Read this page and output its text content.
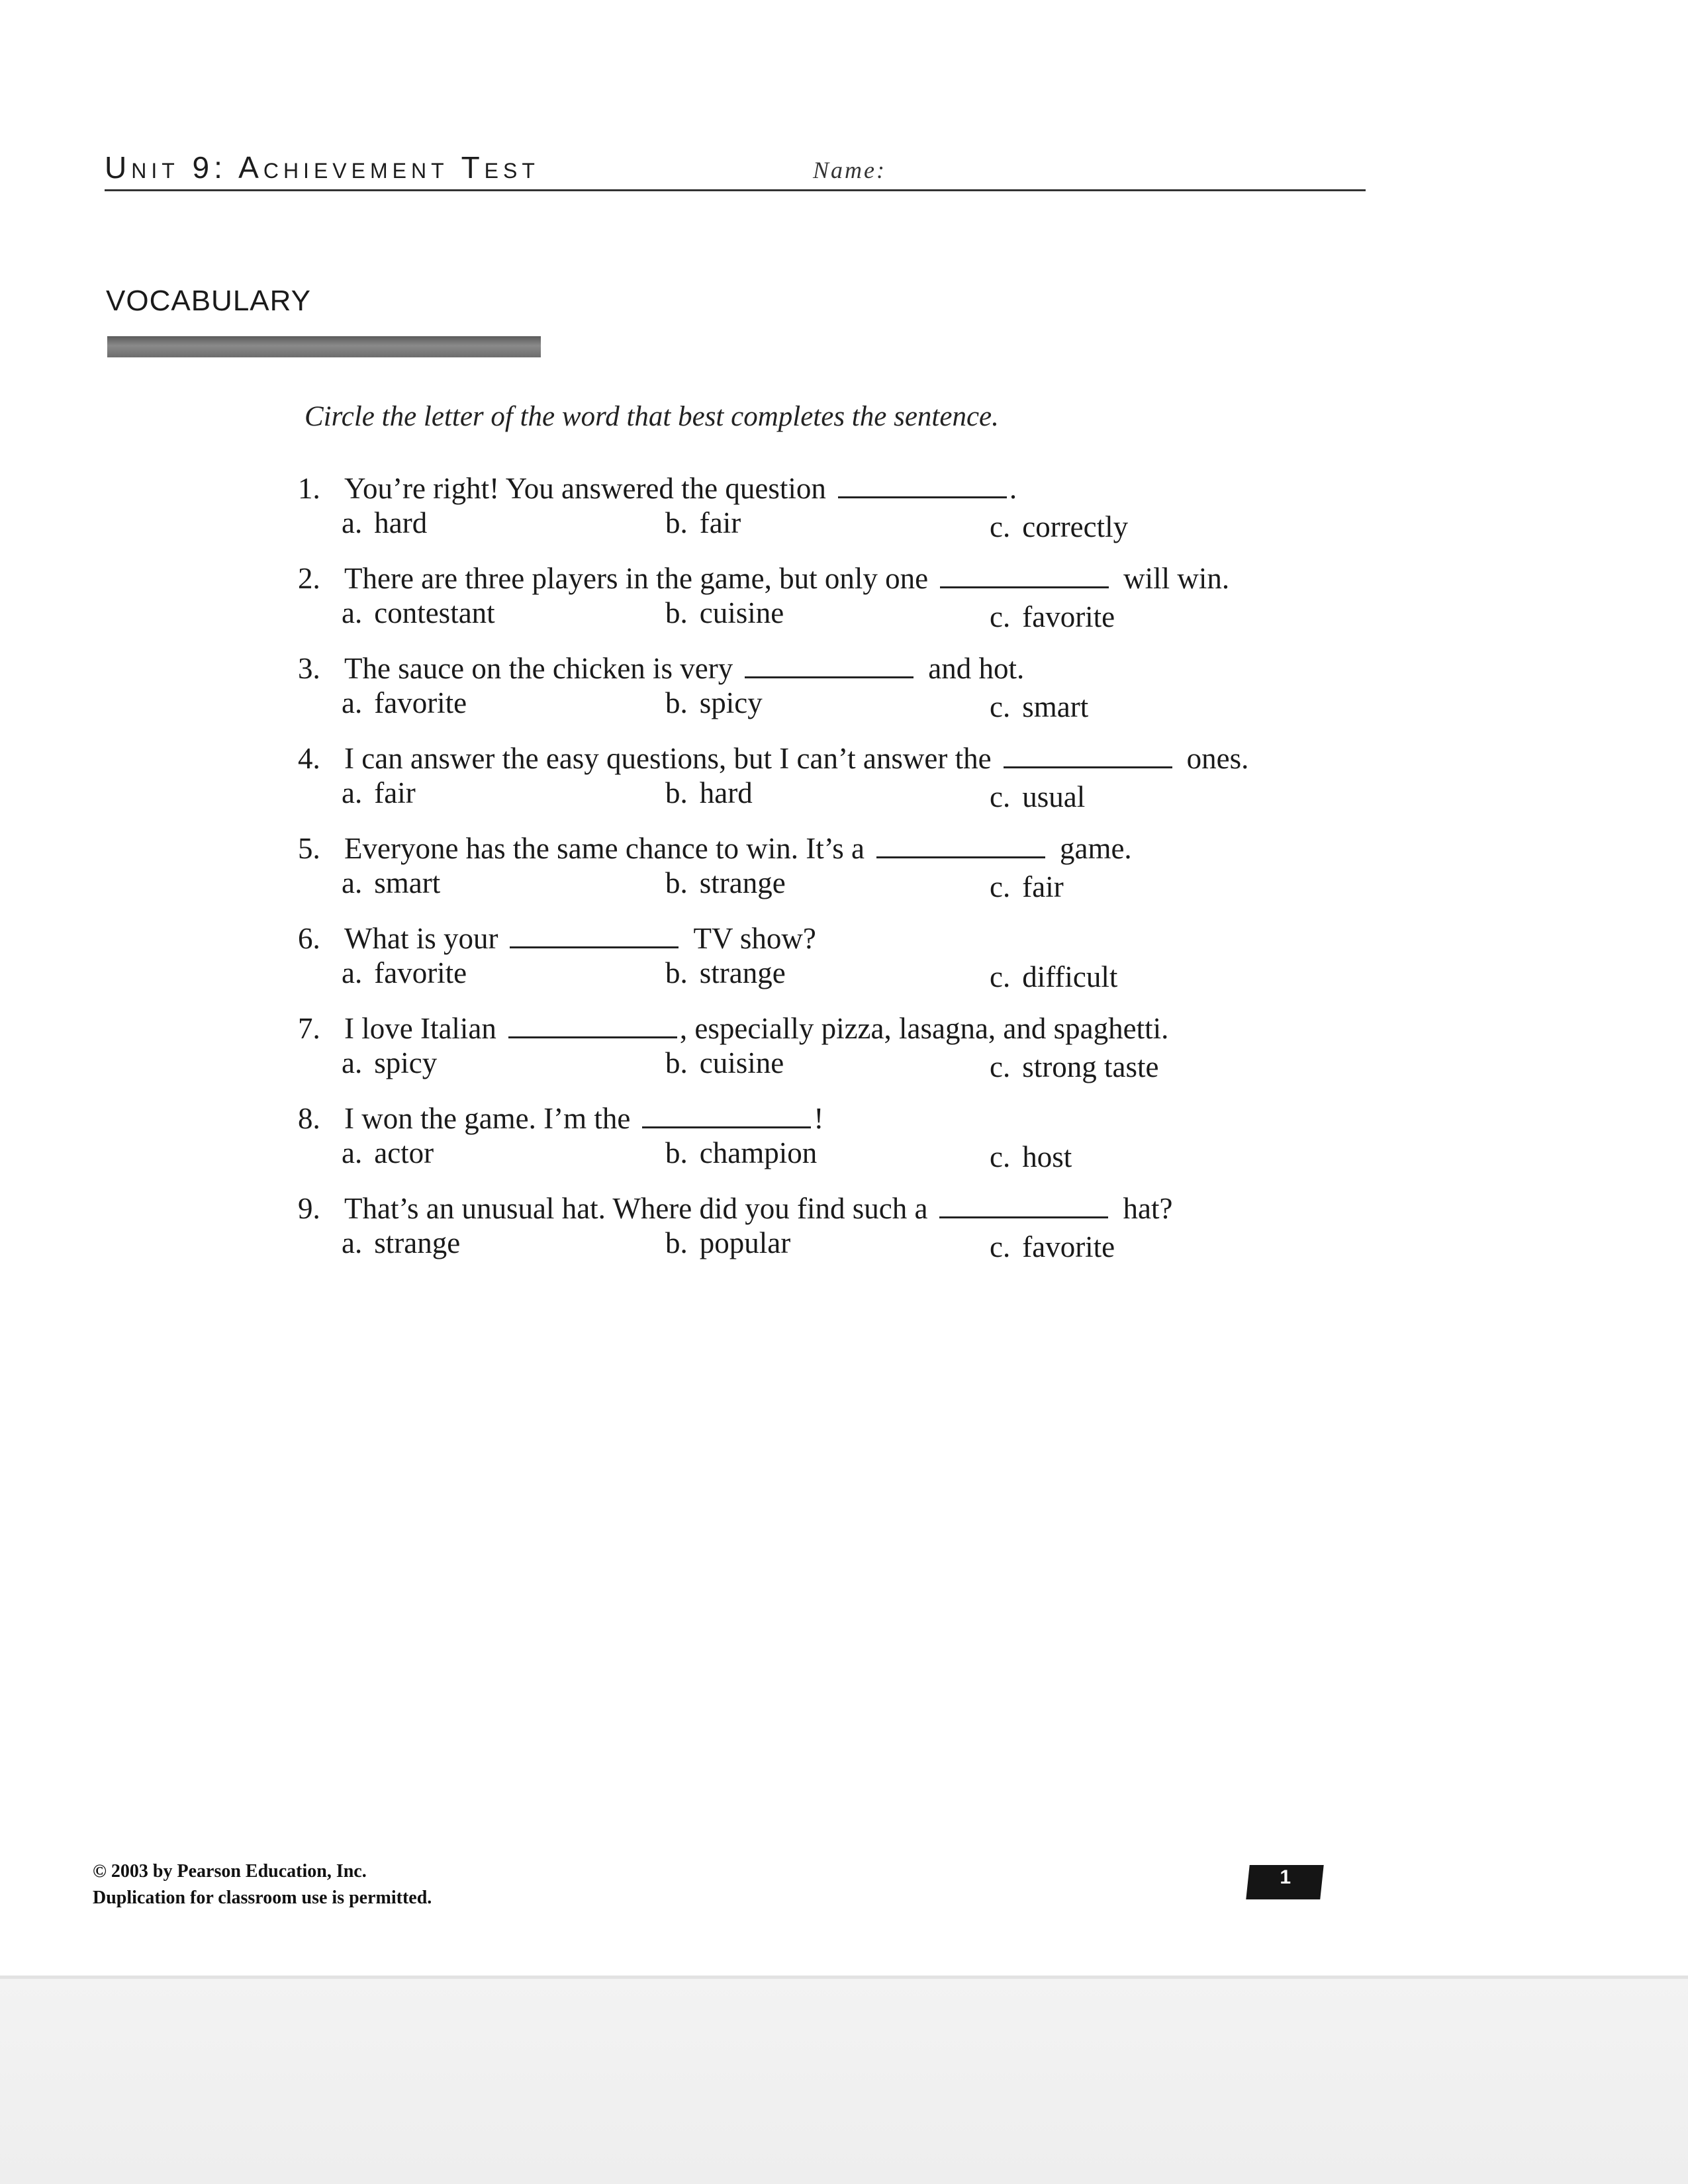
Unit 9: Achievement Test	Name:
VOCABULARY
Circle the letter of the word that best completes the sentence.
1. You’re right! You answered the question	.
a. hard	b. fair	c. correctly
2. There are three players in the game, but only one	will win.
a. contestant	b. cuisine	c. favorite
3. The sauce on the chicken is very	and hot.
a. favorite	b. spicy	c. smart
4. I can answer the easy questions, but I can’t answer the	ones.
a. fair	b. hard	c. usual
5. Everyone has the same chance to win. It’s a	game.
a. smart	b. strange	c. fair
6. What is your	TV show?
a. favorite	b. strange	c. difficult
7. I love Italian	, especially pizza, lasagna, and spaghetti.
a. spicy	b. cuisine	c. strong taste
8. I won the game. I’m the	!
a. actor	b. champion	c. host
9. That’s an unusual hat. Where did you find such a	hat?
a. strange	b. popular	c. favorite
© 2003 by Pearson Education, Inc.
Duplication for classroom use is permitted.
1
